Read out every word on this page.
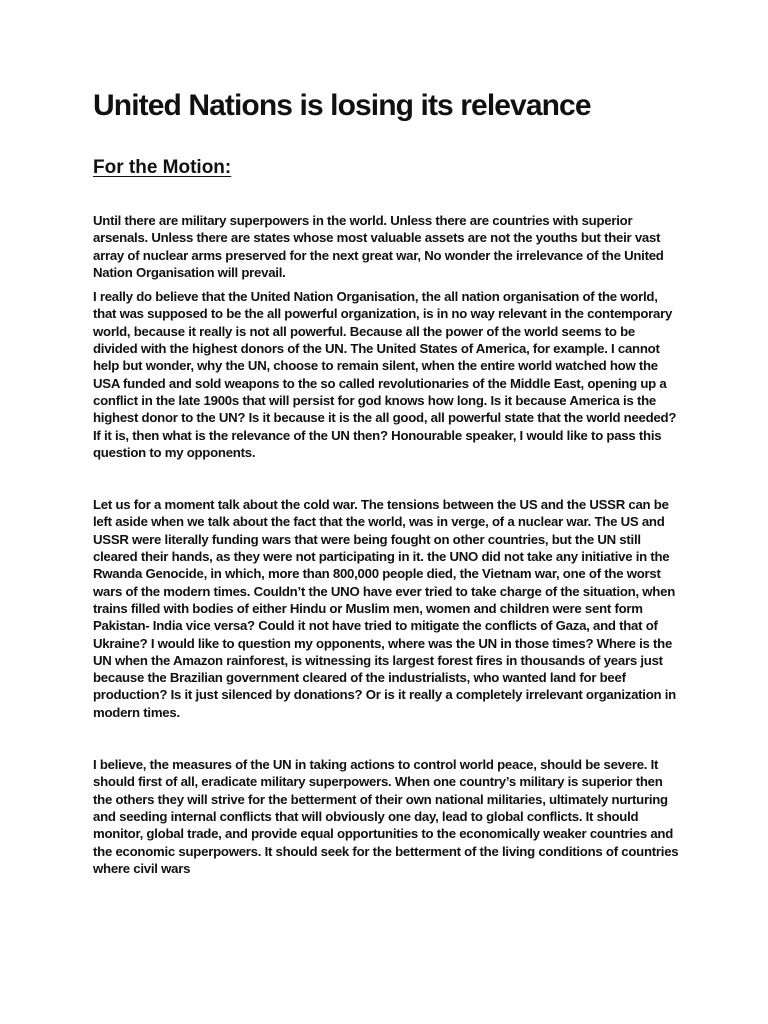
United Nations is losing its relevance
For the Motion:

Until there are military superpowers in the world. Unless there are countries with superior arsenals. Unless there are states whose most valuable assets are not the youths but their vast array of nuclear arms preserved for the next great war, No wonder the irrelevance of the United Nation Organisation will prevail.

I really do believe that the United Nation Organisation, the all nation organisation of the world, that was supposed to be the all powerful organization, is in no way relevant in the contemporary world, because it really is not all powerful. Because all the power of the world seems to be divided with the highest donors of the UN. The United States of America, for example. I cannot help but wonder, why the UN, choose to remain silent, when the entire world watched how the USA funded and sold weapons to the so called revolutionaries of the Middle East, opening up a conflict in the late 1900s that will persist for god knows how long. Is it because America is the highest donor to the UN? Is it because it is the all good, all powerful state that the world needed? If it is, then what is the relevance of the UN then? Honourable speaker, I would like to pass this question to my opponents.

Let us for a moment talk about the cold war. The tensions between the US and the USSR can be left aside when we talk about the fact that the world, was in verge, of a nuclear war. The US and USSR were literally funding wars that were being fought on other countries, but the UN still cleared their hands, as they were not participating in it. the UNO did not take any initiative in the Rwanda Genocide, in which, more than 800,000 people died, the Vietnam war, one of the worst wars of the modern times. Couldn’t the UNO have ever tried to take charge of the situation, when trains filled with bodies of either Hindu or Muslim men, women and children were sent form Pakistan- India vice versa? Could it not have tried to mitigate the conflicts of Gaza, and that of Ukraine? I would like to question my opponents, where was the UN in those times? Where is the UN when the Amazon rainforest, is witnessing its largest forest fires in thousands of years just because the Brazilian government cleared of the industrialists, who wanted land for beef production? Is it just silenced by donations? Or is it really a completely irrelevant organization in modern times.

I believe, the measures of the UN in taking actions to control world peace, should be severe. It should first of all, eradicate military superpowers. When one country’s military is superior then the others they will strive for the betterment of their own national militaries, ultimately nurturing and seeding internal conflicts that will obviously one day, lead to global conflicts. It should monitor, global trade, and provide equal opportunities to the economically weaker countries and the economic superpowers. It should seek for the betterment of the living conditions of countries where civil wars
